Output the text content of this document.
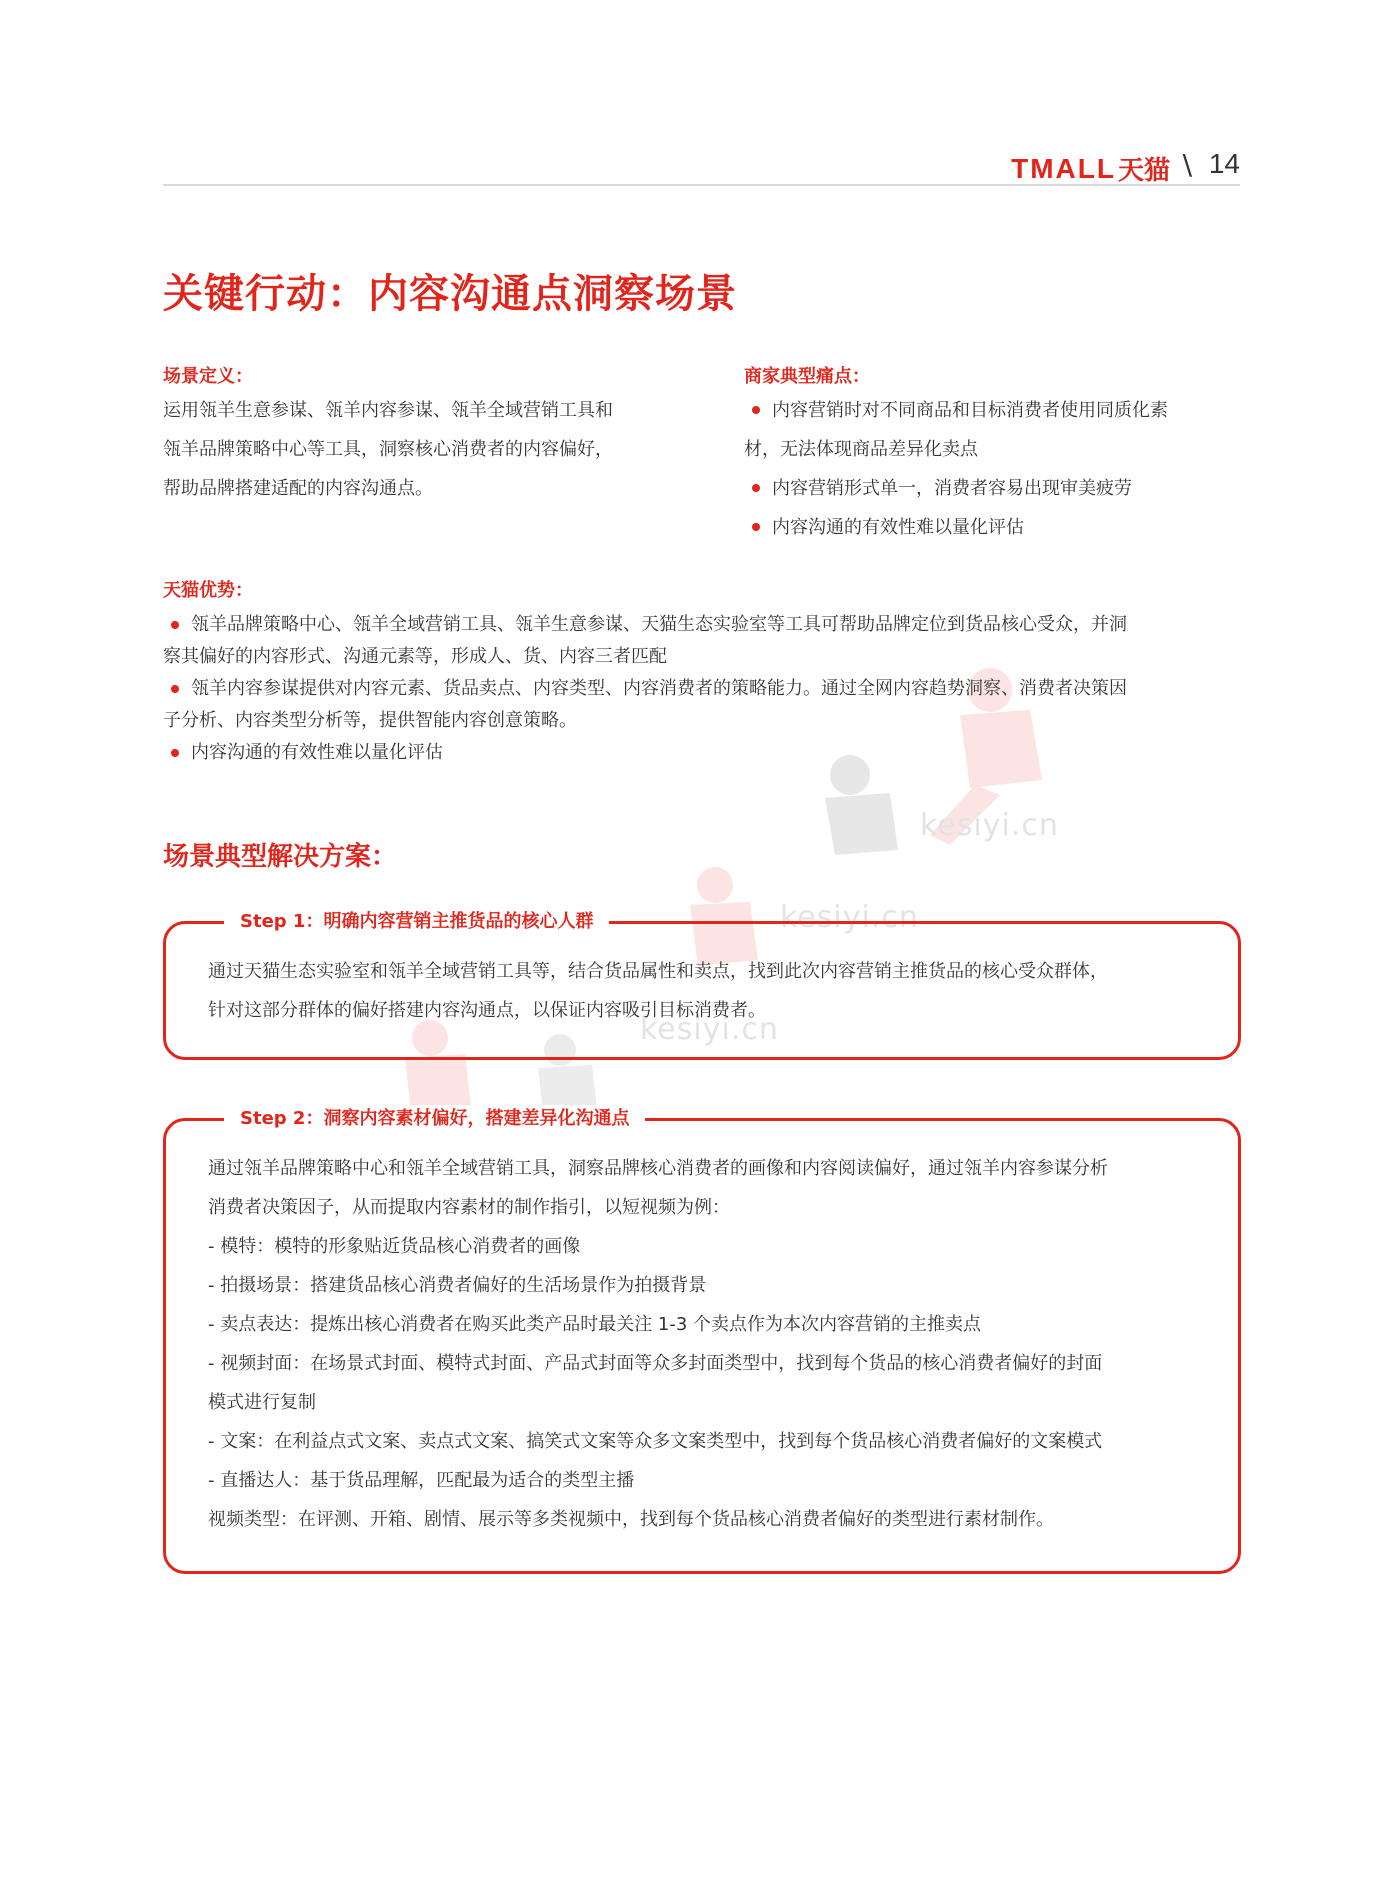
kesiyi.cn
kesiyi.cn
kesiyi.cn
TMALL 天猫 \ 14
关键行动：内容沟通点洞察场景
场景定义：
运用瓴羊生意参谋、瓴羊内容参谋、瓴羊全域营销工具和
瓴羊品牌策略中心等工具，洞察核心消费者的内容偏好，
帮助品牌搭建适配的内容沟通点。
商家典型痛点：
内容营销时对不同商品和目标消费者使用同质化素
材，无法体现商品差异化卖点
内容营销形式单一，消费者容易出现审美疲劳
内容沟通的有效性难以量化评估
天猫优势：
瓴羊品牌策略中心、瓴羊全域营销工具、瓴羊生意参谋、天猫生态实验室等工具可帮助品牌定位到货品核心受众，并洞
察其偏好的内容形式、沟通元素等，形成人、货、内容三者匹配
瓴羊内容参谋提供对内容元素、货品卖点、内容类型、内容消费者的策略能力。通过全网内容趋势洞察、消费者决策因
子分析、内容类型分析等，提供智能内容创意策略。
内容沟通的有效性难以量化评估
场景典型解决方案：
Step 1：明确内容营销主推货品的核心人群
通过天猫生态实验室和瓴羊全域营销工具等，结合货品属性和卖点，找到此次内容营销主推货品的核心受众群体，
针对这部分群体的偏好搭建内容沟通点，以保证内容吸引目标消费者。
Step 2：洞察内容素材偏好，搭建差异化沟通点
通过瓴羊品牌策略中心和瓴羊全域营销工具，洞察品牌核心消费者的画像和内容阅读偏好，通过瓴羊内容参谋分析
消费者决策因子，从而提取内容素材的制作指引，以短视频为例：
- 模特：模特的形象贴近货品核心消费者的画像
- 拍摄场景：搭建货品核心消费者偏好的生活场景作为拍摄背景
- 卖点表达：提炼出核心消费者在购买此类产品时最关注 1-3 个卖点作为本次内容营销的主推卖点
- 视频封面：在场景式封面、模特式封面、产品式封面等众多封面类型中，找到每个货品的核心消费者偏好的封面
模式进行复制
- 文案：在利益点式文案、卖点式文案、搞笑式文案等众多文案类型中，找到每个货品核心消费者偏好的文案模式
- 直播达人：基于货品理解，匹配最为适合的类型主播
视频类型：在评测、开箱、剧情、展示等多类视频中，找到每个货品核心消费者偏好的类型进行素材制作。
